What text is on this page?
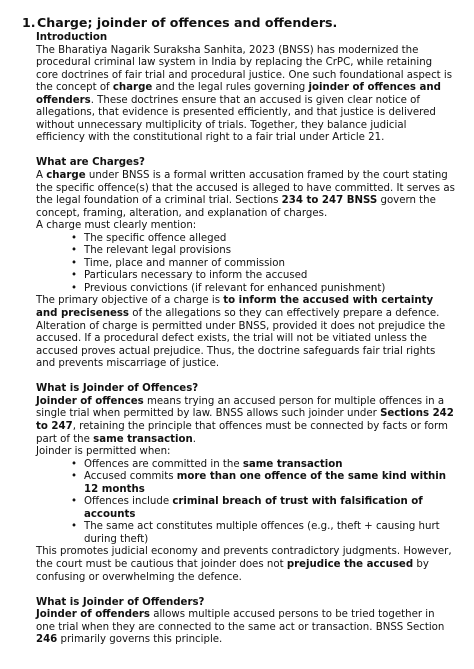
1.Charge; joinder of offences and offenders.

Introduction

The Bharatiya Nagarik Suraksha Sanhita, 2023 (BNSS) has modernized the procedural criminal law system in India by replacing the CrPC, while retaining core doctrines of fair trial and procedural justice. One such foundational aspect is the concept of charge and the legal rules governing joinder of offences and offenders. These doctrines ensure that an accused is given clear notice of allegations, that evidence is presented efficiently, and that justice is delivered without unnecessary multiplicity of trials. Together, they balance judicial efficiency with the constitutional right to a fair trial under Article 21.

What are Charges?

A charge under BNSS is a formal written accusation framed by the court stating the specific offence(s) that the accused is alleged to have committed. It serves as the legal foundation of a criminal trial. Sections 234 to 247 BNSS govern the concept, framing, alteration, and explanation of charges.

A charge must clearly mention:

• The specific offence alleged
• The relevant legal provisions
• Time, place and manner of commission
• Particulars necessary to inform the accused
• Previous convictions (if relevant for enhanced punishment)

The primary objective of a charge is to inform the accused with certainty and preciseness of the allegations so they can effectively prepare a defence. Alteration of charge is permitted under BNSS, provided it does not prejudice the accused. If a procedural defect exists, the trial will not be vitiated unless the accused proves actual prejudice. Thus, the doctrine safeguards fair trial rights and prevents miscarriage of justice.

What is Joinder of Offences?

Joinder of offences means trying an accused person for multiple offences in a single trial when permitted by law. BNSS allows such joinder under Sections 242 to 247, retaining the principle that offences must be connected by facts or form part of the same transaction.

Joinder is permitted when:

• Offences are committed in the same transaction
• Accused commits more than one offence of the same kind within 12 months
• Offences include criminal breach of trust with falsification of accounts
• The same act constitutes multiple offences (e.g., theft + causing hurt during theft)

This promotes judicial economy and prevents contradictory judgments. However, the court must be cautious that joinder does not prejudice the accused by confusing or overwhelming the defence.

What is Joinder of Offenders?

Joinder of offenders allows multiple accused persons to be tried together in one trial when they are connected to the same act or transaction. BNSS Section 246 primarily governs this principle.
